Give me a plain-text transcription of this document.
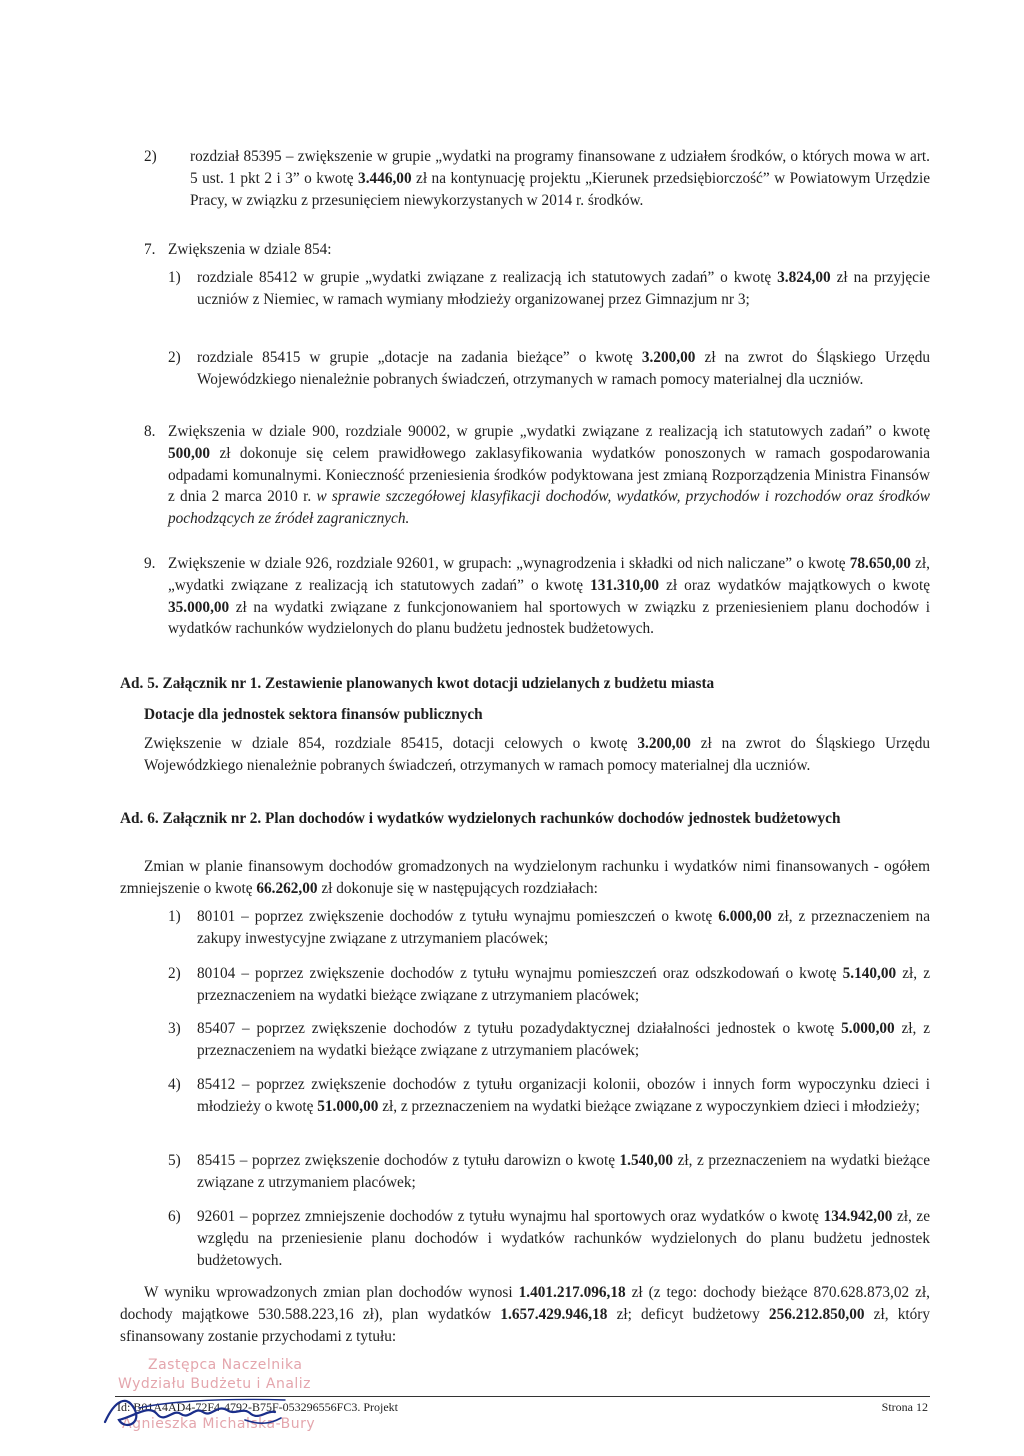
2) rozdział 85395 – zwiększenie w grupie „wydatki na programy finansowane z udziałem środków, o których mowa w art. 5 ust. 1 pkt 2 i 3” o kwotę 3.446,00 zł na kontynuację projektu „Kierunek przedsiębiorczość” w Powiatowym Urzędzie Pracy, w związku z przesunięciem niewykorzystanych w 2014 r. środków.

7. Zwiększenia w dziale 854:

1) rozdziale 85412 w grupie „wydatki związane z realizacją ich statutowych zadań” o kwotę 3.824,00 zł na przyjęcie uczniów z Niemiec, w ramach wymiany młodzieży organizowanej przez Gimnazjum nr 3;

2) rozdziale 85415 w grupie „dotacje na zadania bieżące” o kwotę 3.200,00 zł na zwrot do Śląskiego Urzędu Wojewódzkiego nienależnie pobranych świadczeń, otrzymanych w ramach pomocy materialnej dla uczniów.

8. Zwiększenia w dziale 900, rozdziale 90002, w grupie „wydatki związane z realizacją ich statutowych zadań” o kwotę 500,00 zł dokonuje się celem prawidłowego zaklasyfikowania wydatków ponoszonych w ramach gospodarowania odpadami komunalnymi. Konieczność przeniesienia środków podyktowana jest zmianą Rozporządzenia Ministra Finansów z dnia 2 marca 2010 r. w sprawie szczegółowej klasyfikacji dochodów, wydatków, przychodów i rozchodów oraz środków pochodzących ze źródeł zagranicznych.

9. Zwiększenie w dziale 926, rozdziale 92601, w grupach: „wynagrodzenia i składki od nich naliczane” o kwotę 78.650,00 zł, „wydatki związane z realizacją ich statutowych zadań” o kwotę 131.310,00 zł oraz wydatków majątkowych o kwotę 35.000,00 zł na wydatki związane z funkcjonowaniem hal sportowych w związku z przeniesieniem planu dochodów i wydatków rachunków wydzielonych do planu budżetu jednostek budżetowych.

Ad. 5. Załącznik nr 1. Zestawienie planowanych kwot dotacji udzielanych z budżetu miasta

Dotacje dla jednostek sektora finansów publicznych

Zwiększenie w dziale 854, rozdziale 85415, dotacji celowych o kwotę 3.200,00 zł na zwrot do Śląskiego Urzędu Wojewódzkiego nienależnie pobranych świadczeń, otrzymanych w ramach pomocy materialnej dla uczniów.

Ad. 6. Załącznik nr 2. Plan dochodów i wydatków wydzielonych rachunków dochodów jednostek budżetowych

Zmian w planie finansowym dochodów gromadzonych na wydzielonym rachunku i wydatków nimi finansowanych - ogółem zmniejszenie o kwotę 66.262,00 zł dokonuje się w następujących rozdziałach:

1) 80101 – poprzez zwiększenie dochodów z tytułu wynajmu pomieszczeń o kwotę 6.000,00 zł, z przeznaczeniem na zakupy inwestycyjne związane z utrzymaniem placówek;

2) 80104 – poprzez zwiększenie dochodów z tytułu wynajmu pomieszczeń oraz odszkodowań o kwotę 5.140,00 zł, z przeznaczeniem na wydatki bieżące związane z utrzymaniem placówek;

3) 85407 – poprzez zwiększenie dochodów z tytułu pozadydaktycznej działalności jednostek o kwotę 5.000,00 zł, z przeznaczeniem na wydatki bieżące związane z utrzymaniem placówek;

4) 85412 – poprzez zwiększenie dochodów z tytułu organizacji kolonii, obozów i innych form wypoczynku dzieci i młodzieży o kwotę 51.000,00 zł, z przeznaczeniem na wydatki bieżące związane z wypoczynkiem dzieci i młodzieży;

5) 85415 – poprzez zwiększenie dochodów z tytułu darowizn o kwotę 1.540,00 zł, z przeznaczeniem na wydatki bieżące związane z utrzymaniem placówek;

6) 92601 – poprzez zmniejszenie dochodów z tytułu wynajmu hal sportowych oraz wydatków o kwotę 134.942,00 zł, ze względu na przeniesienie planu dochodów i wydatków rachunków wydzielonych do planu budżetu jednostek budżetowych.

W wyniku wprowadzonych zmian plan dochodów wynosi 1.401.217.096,18 zł (z tego: dochody bieżące 870.628.873,02 zł, dochody majątkowe 530.588.223,16 zł), plan wydatków 1.657.429.946,18 zł; deficyt budżetowy 256.212.850,00 zł, który sfinansowany zostanie przychodami z tytułu:

Zastępca Naczelnika
Wydziału Budżetu i Analiz
Agnieszka Michalska-Bury
Id: B01A4AD4-72F4-4792-B75F-053296556FC3. Projekt	Strona 12
